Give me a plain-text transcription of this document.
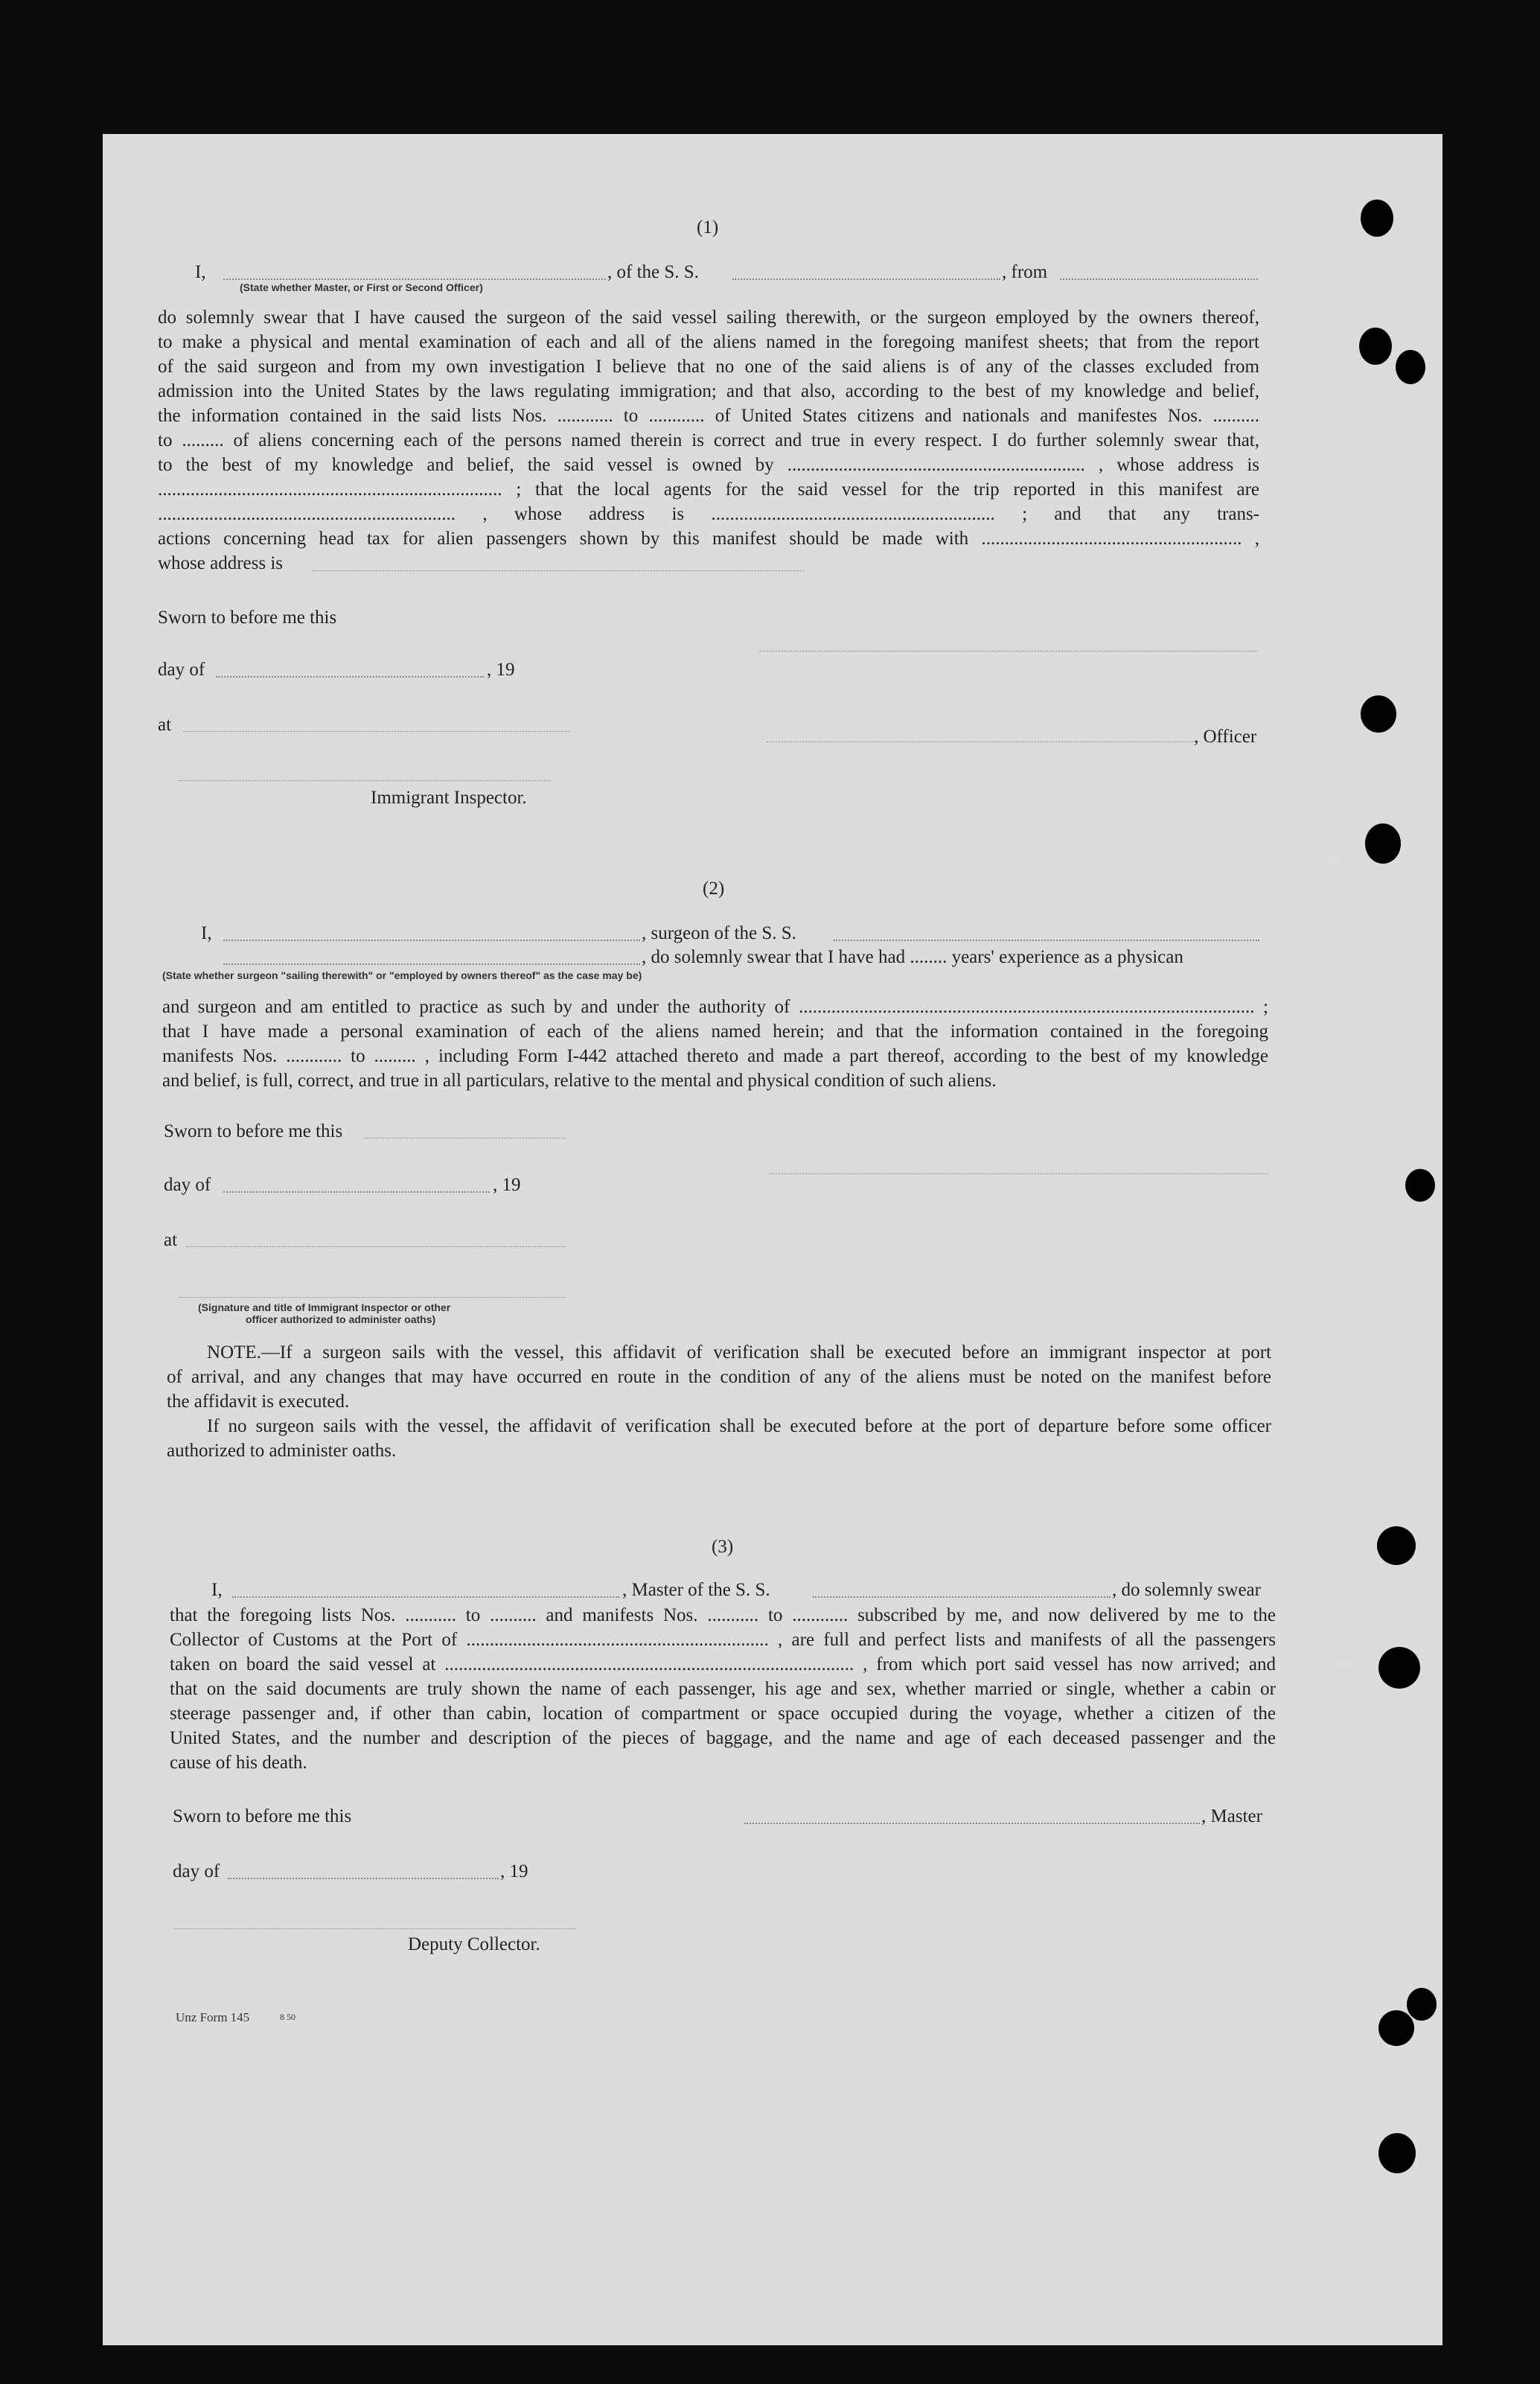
(1)
I,	, of the S. S.	, from
(State whether Master, or First or Second Officer)
do solemnly swear that I have caused the surgeon of the said vessel sailing therewith, or the surgeon employed by the owners thereof,
to make a physical and mental examination of each and all of the aliens named in the foregoing manifest sheets; that from the report
of the said surgeon and from my own investigation I believe that no one of the said aliens is of any of the classes excluded from
admission into the United States by the laws regulating immigration; and that also, according to the best of my knowledge and belief,
the information contained in the said lists Nos. ............ to ............ of United States citizens and nationals and manifestes Nos. ..........
to ......... of aliens concerning each of the persons named therein is correct and true in every respect. I do further solemnly swear that,
to the best of my knowledge and belief, the said vessel is owned by ................................................................ , whose address is
.......................................................................... ; that the local agents for the said vessel for the trip reported in this manifest are
................................................................ , whose address is ............................................................. ; and that any trans-
actions concerning head tax for alien passengers shown by this manifest should be made with ........................................................ ,
whose address is
Sworn to before me this
day of	, 19
at
, Officer
Immigrant Inspector.
(2)
I,	, surgeon of the S. S.
, do solemnly swear that I have had ........ years' experience as a physican
(State whether surgeon "sailing therewith" or "employed by owners thereof" as the case may be)
and surgeon and am entitled to practice as such by and under the authority of .................................................................................................. ;
that I have made a personal examination of each of the aliens named herein; and that the information contained in the foregoing
manifests Nos. ............ to ......... , including Form I-442 attached thereto and made a part thereof, according to the best of my knowledge
and belief, is full, correct, and true in all particulars, relative to the mental and physical condition of such aliens.
Sworn to before me this
day of	, 19
at
(Signature and title of Immigrant Inspector or other
officer authorized to administer oaths)
NOTE.—If a surgeon sails with the vessel, this affidavit of verification shall be executed before an immigrant inspector at port
of arrival, and any changes that may have occurred en route in the condition of any of the aliens must be noted on the manifest before
the affidavit is executed.
If no surgeon sails with the vessel, the affidavit of verification shall be executed before at the port of departure before some officer
authorized to administer oaths.
(3)
I,	, Master of the S. S.	, do solemnly swear
that the foregoing lists Nos. ........... to .......... and manifests Nos. ........... to ............ subscribed by me, and now delivered by me to the
Collector of Customs at the Port of ................................................................. , are full and perfect lists and manifests of all the passengers
taken on board the said vessel at ........................................................................................ , from which port said vessel has now arrived; and
that on the said documents are truly shown the name of each passenger, his age and sex, whether married or single, whether a cabin or
steerage passenger and, if other than cabin, location of compartment or space occupied during the voyage, whether a citizen of the
United States, and the number and description of the pieces of baggage, and the name and age of each deceased passenger and the
cause of his death.
Sworn to before me this	, Master
day of	, 19
Deputy Collector.
Unz Form 145	8 50
